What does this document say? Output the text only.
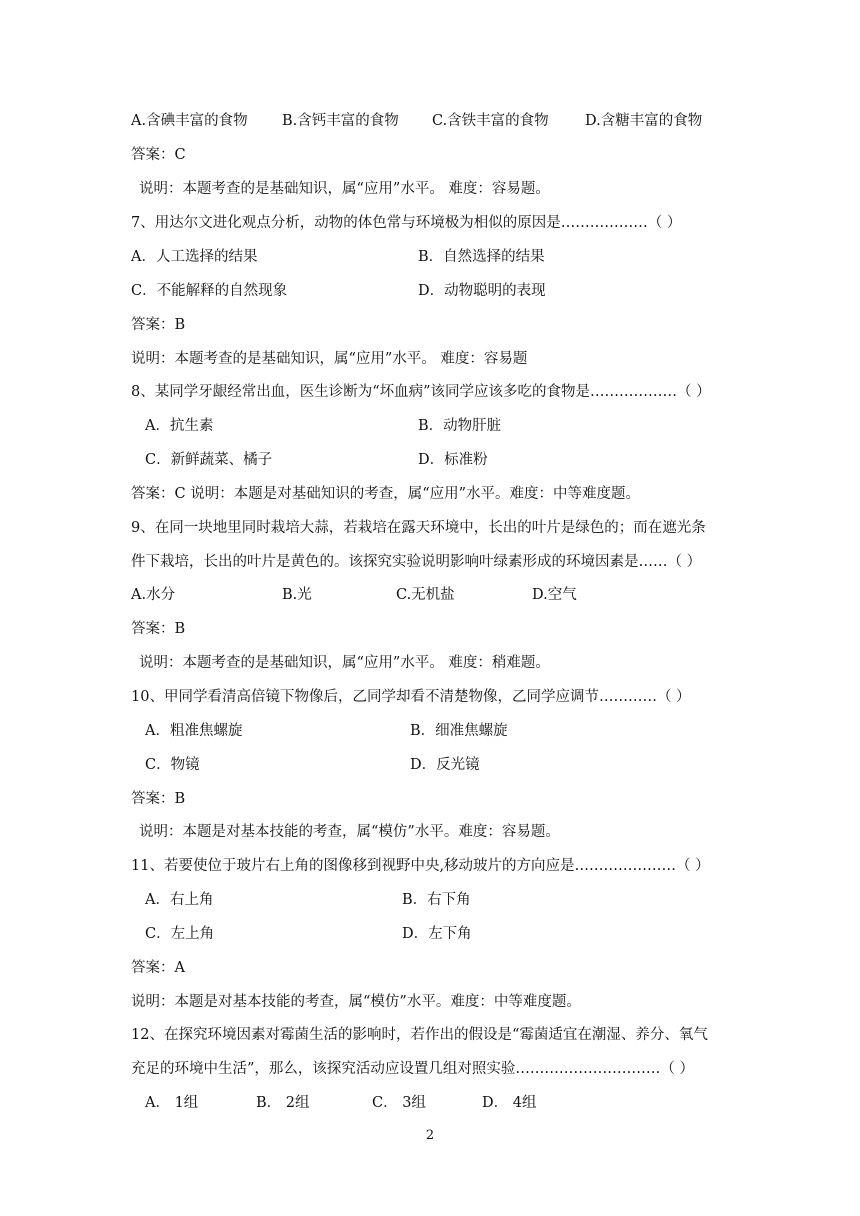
A.含碘丰富的食物 B.含钙丰富的食物 C.含铁丰富的食物	D.含糖丰富的食物
答案：C
说明：本题考查的是基础知识，属“应用”水平。 难度：容易题。
7、用达尔文进化观点分析，动物的体色常与环境极为相似的原因是………………（ ）
A．人工选择的结果	B．自然选择的结果
C．不能解释的自然现象	D．动物聪明的表现
答案：B
说明：本题考查的是基础知识，属“应用”水平。 难度：容易题
8、某同学牙龈经常出血，医生诊断为“坏血病”该同学应该多吃的食物是………………（ ）
A．抗生素	B．动物肝脏
C．新鲜蔬菜、橘子	D．标准粉
答案：C 说明：本题是对基础知识的考查，属“应用”水平。难度：中等难度题。
9、在同一块地里同时栽培大蒜，若栽培在露天环境中，长出的叶片是绿色的；而在遮光条
件下栽培，长出的叶片是黄色的。该探究实验说明影响叶绿素形成的环境因素是……（ ）
A.水分	B.光	C.无机盐	D.空气
答案：B
说明：本题考查的是基础知识，属“应用”水平。 难度：稍难题。
10、甲同学看清高倍镜下物像后，乙同学却看不清楚物像，乙同学应调节…………（ ）
A．粗准焦螺旋	B．细准焦螺旋
C．物镜	D．反光镜
答案：B
说明：本题是对基本技能的考查，属“模仿”水平。难度：容易题。
11、若要使位于玻片右上角的图像移到视野中央,移动玻片的方向应是…………………（ ）
A．右上角	B．右下角
C．左上角	D．左下角
答案：A
说明：本题是对基本技能的考查，属“模仿”水平。难度：中等难度题。
12、在探究环境因素对霉菌生活的影响时，若作出的假设是“霉菌适宜在潮湿、养分、氧气
充足的环境中生活”，那么，该探究活动应设置几组对照实验…………………………（ ）
A． 1组	B． 2组	C． 3组	D． 4组
2
